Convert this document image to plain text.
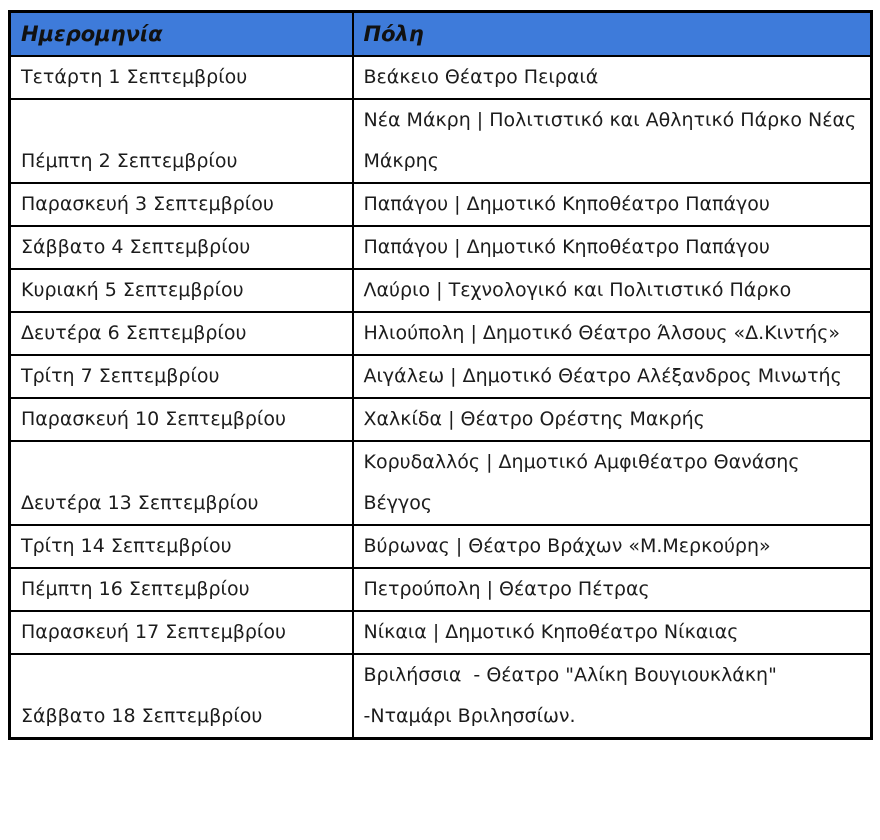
Ημερομηνία	Πόλη
Τετάρτη 1 Σεπτεμβρίου	Βεάκειο Θέατρο Πειραιά
Πέμπτη 2 Σεπτεμβρίου	Νέα Μάκρη | Πολιτιστικό και Αθλητικό Πάρκο Νέας Μάκρης
Παρασκευή 3 Σεπτεμβρίου	Παπάγου | Δημοτικό Κηποθέατρο Παπάγου
Σάββατο 4 Σεπτεμβρίου	Παπάγου | Δημοτικό Κηποθέατρο Παπάγου
Κυριακή 5 Σεπτεμβρίου	Λαύριο | Τεχνολογικό και Πολιτιστικό Πάρκο
Δευτέρα 6 Σεπτεμβρίου	Ηλιούπολη | Δημοτικό Θέατρο Άλσους «Δ.Κιντής»
Τρίτη 7 Σεπτεμβρίου	Αιγάλεω | Δημοτικό Θέατρο Αλέξανδρος Μινωτής
Παρασκευή 10 Σεπτεμβρίου	Χαλκίδα | Θέατρο Ορέστης Μακρής
Δευτέρα 13 Σεπτεμβρίου	Κορυδαλλός | Δημοτικό Αμφιθέατρο Θανάσης Βέγγος
Τρίτη 14 Σεπτεμβρίου	Βύρωνας | Θέατρο Βράχων «Μ.Μερκούρη»
Πέμπτη 16 Σεπτεμβρίου	Πετρούπολη | Θέατρο Πέτρας
Παρασκευή 17 Σεπτεμβρίου	Νίκαια | Δημοτικό Κηποθέατρο Νίκαιας
Σάββατο 18 Σεπτεμβρίου	Βριλήσσια  - Θέατρο "Αλίκη Βουγιουκλάκη" -Νταμάρι Βριλησσίων.
